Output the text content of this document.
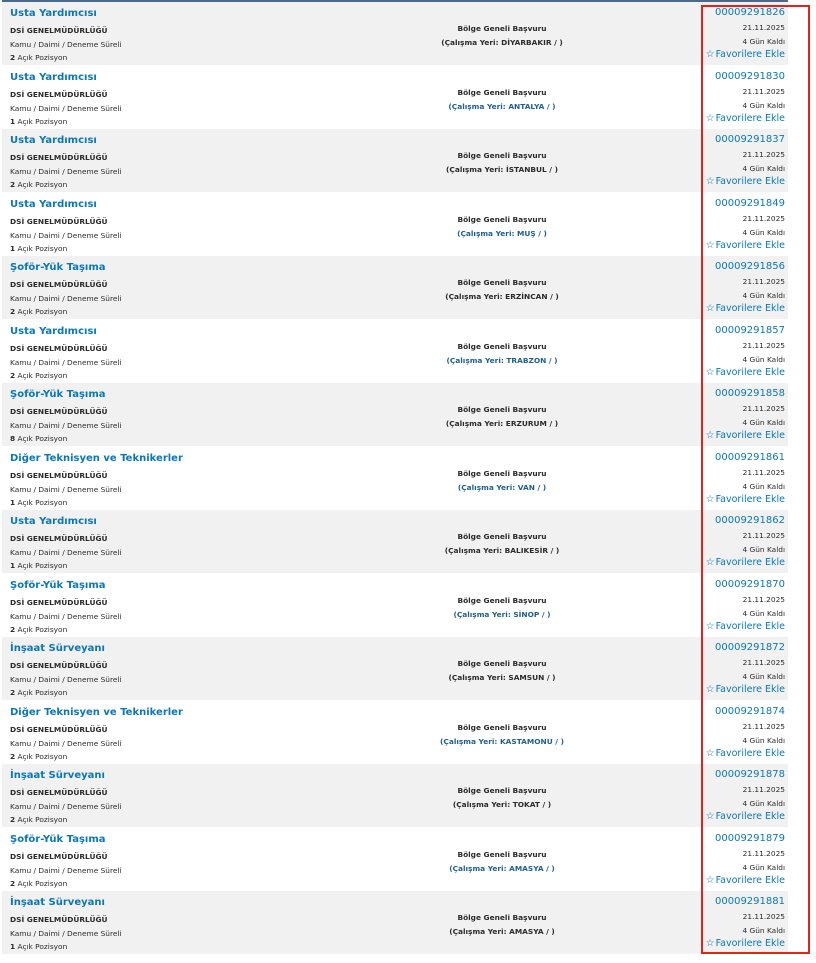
Usta Yardımcısı
DSİ GENELMÜDÜRLÜĞÜ
Kamu / Daimi / Deneme Süreli
2 Açık Pozisyon
Bölge Geneli Başvuru
(Çalışma Yeri: DİYARBAKIR / )
00009291826
21.11.2025
4 Gün Kaldı
☆Favorilere Ekle
Usta Yardımcısı
DSİ GENELMÜDÜRLÜĞÜ
Kamu / Daimi / Deneme Süreli
1 Açık Pozisyon
Bölge Geneli Başvuru
(Çalışma Yeri: ANTALYA / )
00009291830
21.11.2025
4 Gün Kaldı
☆Favorilere Ekle
Usta Yardımcısı
DSİ GENELMÜDÜRLÜĞÜ
Kamu / Daimi / Deneme Süreli
2 Açık Pozisyon
Bölge Geneli Başvuru
(Çalışma Yeri: İSTANBUL / )
00009291837
21.11.2025
4 Gün Kaldı
☆Favorilere Ekle
Usta Yardımcısı
DSİ GENELMÜDÜRLÜĞÜ
Kamu / Daimi / Deneme Süreli
1 Açık Pozisyon
Bölge Geneli Başvuru
(Çalışma Yeri: MUŞ / )
00009291849
21.11.2025
4 Gün Kaldı
☆Favorilere Ekle
Şoför-Yük Taşıma
DSİ GENELMÜDÜRLÜĞÜ
Kamu / Daimi / Deneme Süreli
2 Açık Pozisyon
Bölge Geneli Başvuru
(Çalışma Yeri: ERZİNCAN / )
00009291856
21.11.2025
4 Gün Kaldı
☆Favorilere Ekle
Usta Yardımcısı
DSİ GENELMÜDÜRLÜĞÜ
Kamu / Daimi / Deneme Süreli
2 Açık Pozisyon
Bölge Geneli Başvuru
(Çalışma Yeri: TRABZON / )
00009291857
21.11.2025
4 Gün Kaldı
☆Favorilere Ekle
Şoför-Yük Taşıma
DSİ GENELMÜDÜRLÜĞÜ
Kamu / Daimi / Deneme Süreli
8 Açık Pozisyon
Bölge Geneli Başvuru
(Çalışma Yeri: ERZURUM / )
00009291858
21.11.2025
4 Gün Kaldı
☆Favorilere Ekle
Diğer Teknisyen ve Teknikerler
DSİ GENELMÜDÜRLÜĞÜ
Kamu / Daimi / Deneme Süreli
1 Açık Pozisyon
Bölge Geneli Başvuru
(Çalışma Yeri: VAN / )
00009291861
21.11.2025
4 Gün Kaldı
☆Favorilere Ekle
Usta Yardımcısı
DSİ GENELMÜDÜRLÜĞÜ
Kamu / Daimi / Deneme Süreli
1 Açık Pozisyon
Bölge Geneli Başvuru
(Çalışma Yeri: BALIKESİR / )
00009291862
21.11.2025
4 Gün Kaldı
☆Favorilere Ekle
Şoför-Yük Taşıma
DSİ GENELMÜDÜRLÜĞÜ
Kamu / Daimi / Deneme Süreli
2 Açık Pozisyon
Bölge Geneli Başvuru
(Çalışma Yeri: SİNOP / )
00009291870
21.11.2025
4 Gün Kaldı
☆Favorilere Ekle
İnşaat Sürveyanı
DSİ GENELMÜDÜRLÜĞÜ
Kamu / Daimi / Deneme Süreli
2 Açık Pozisyon
Bölge Geneli Başvuru
(Çalışma Yeri: SAMSUN / )
00009291872
21.11.2025
4 Gün Kaldı
☆Favorilere Ekle
Diğer Teknisyen ve Teknikerler
DSİ GENELMÜDÜRLÜĞÜ
Kamu / Daimi / Deneme Süreli
2 Açık Pozisyon
Bölge Geneli Başvuru
(Çalışma Yeri: KASTAMONU / )
00009291874
21.11.2025
4 Gün Kaldı
☆Favorilere Ekle
İnşaat Sürveyanı
DSİ GENELMÜDÜRLÜĞÜ
Kamu / Daimi / Deneme Süreli
2 Açık Pozisyon
Bölge Geneli Başvuru
(Çalışma Yeri: TOKAT / )
00009291878
21.11.2025
4 Gün Kaldı
☆Favorilere Ekle
Şoför-Yük Taşıma
DSİ GENELMÜDÜRLÜĞÜ
Kamu / Daimi / Deneme Süreli
2 Açık Pozisyon
Bölge Geneli Başvuru
(Çalışma Yeri: AMASYA / )
00009291879
21.11.2025
4 Gün Kaldı
☆Favorilere Ekle
İnşaat Sürveyanı
DSİ GENELMÜDÜRLÜĞÜ
Kamu / Daimi / Deneme Süreli
1 Açık Pozisyon
Bölge Geneli Başvuru
(Çalışma Yeri: AMASYA / )
00009291881
21.11.2025
4 Gün Kaldı
☆Favorilere Ekle
